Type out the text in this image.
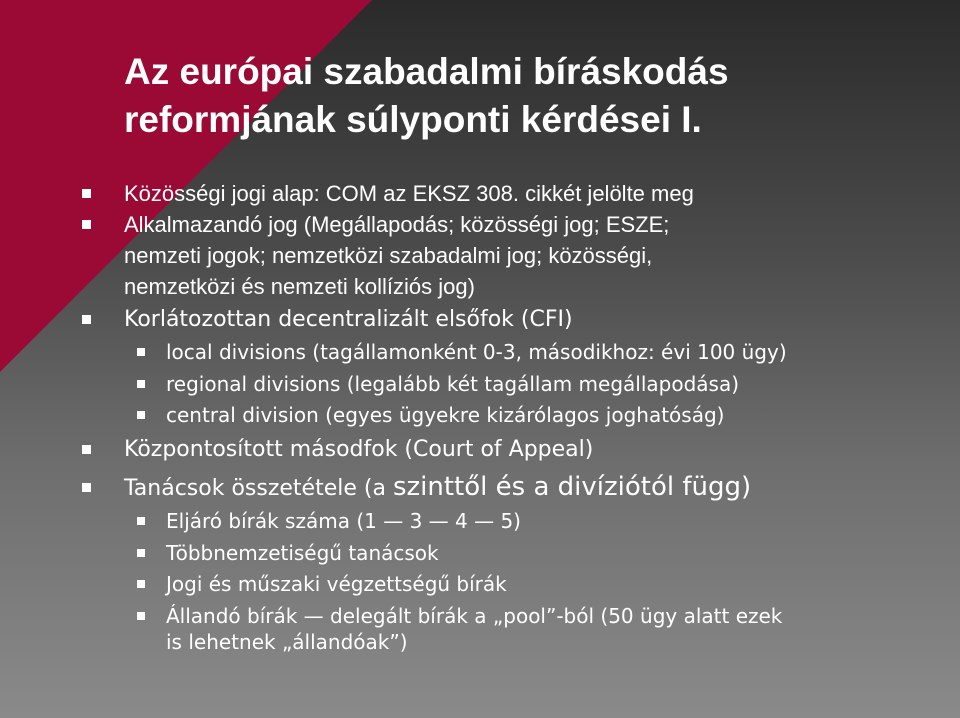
Az európai szabadalmi bíráskodás
reformjának súlyponti kérdései I.
Közösségi jogi alap: COM az EKSZ 308. cikkét jelölte meg
Alkalmazandó jog (Megállapodás; közösségi jog; ESZE;
nemzeti jogok; nemzetközi szabadalmi jog; közösségi,
nemzetközi és nemzeti kollíziós jog)
Korlátozottan decentralizált elsőfok (CFI)
local divisions (tagállamonként 0-3, másodikhoz: évi 100 ügy)
regional divisions (legalább két tagállam megállapodása)
central division (egyes ügyekre kizárólagos joghatóság)
Központosított másodfok (Court of Appeal)
Tanácsok összetétele (a szinttől és a divíziótól függ)
Eljáró bírák száma (1 — 3 — 4 — 5)
Többnemzetiségű tanácsok
Jogi és műszaki végzettségű bírák
Állandó bírák — delegált bírák a „pool”-ból (50 ügy alatt ezek
is lehetnek „állandóak”)
